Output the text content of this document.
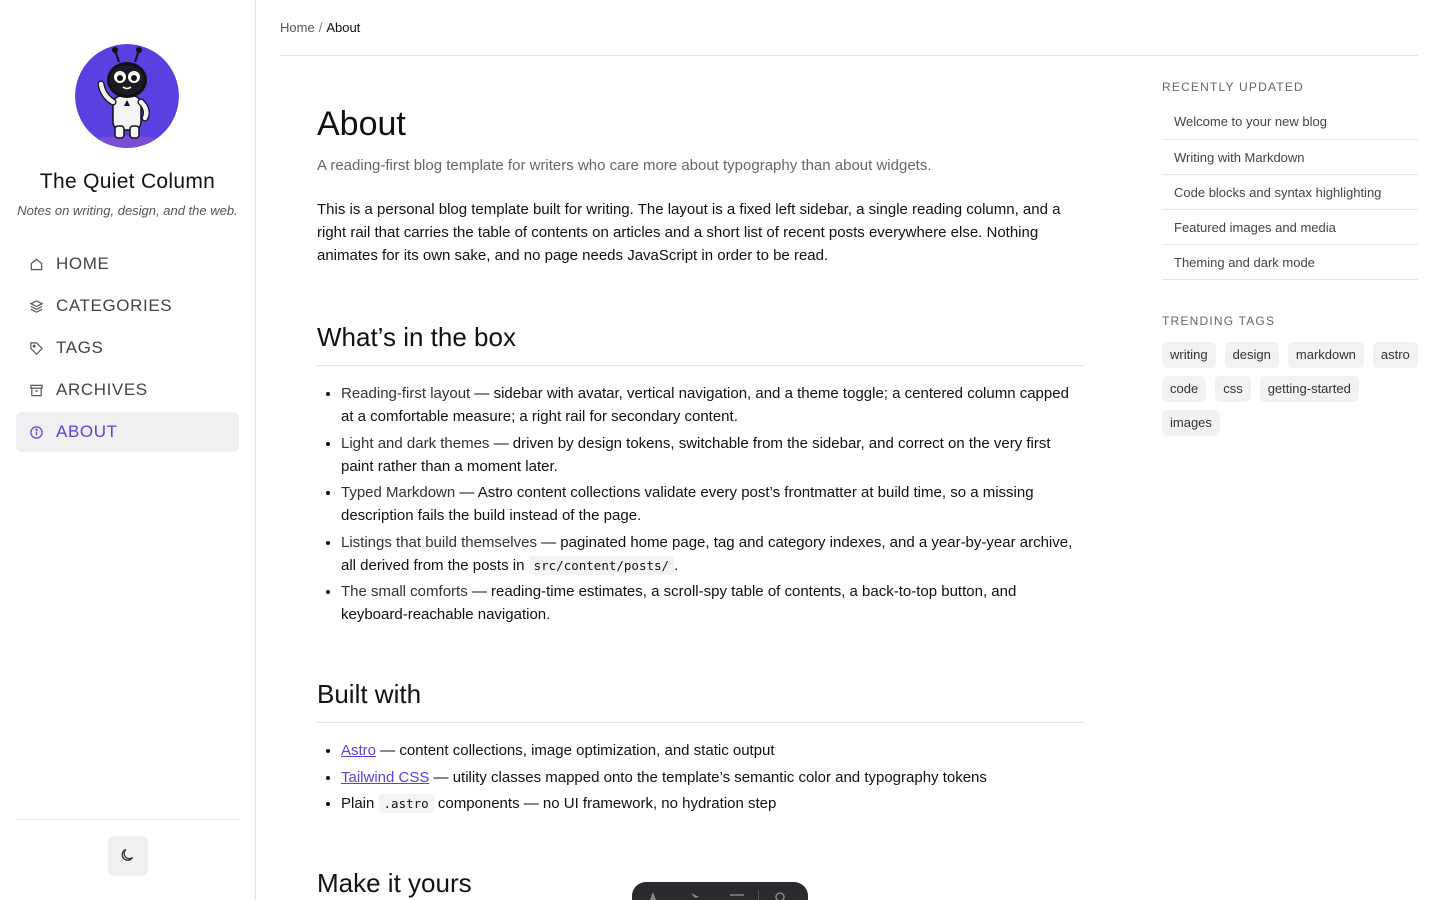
The Quiet Column
Notes on writing, design, and the web.
HOME
CATEGORIES
TAGS
ARCHIVES
ABOUT
Home / About
About

A reading-first blog template for writers who care more about typography than about widgets.

This is a personal blog template built for writing. The layout is a fixed left sidebar, a single reading column, and a right rail that carries the table of contents on articles and a short list of recent posts everywhere else. Nothing animates for its own sake, and no page needs JavaScript in order to be read.

What’s in the box
• Reading-first layout — sidebar with avatar, vertical navigation, and a theme toggle; a centered column capped at a comfortable measure; a right rail for secondary content.
• Light and dark themes — driven by design tokens, switchable from the sidebar, and correct on the very first paint rather than a moment later.
• Typed Markdown — Astro content collections validate every post’s frontmatter at build time, so a missing description fails the build instead of the page.
• Listings that build themselves — paginated home page, tag and category indexes, and a year-by-year archive, all derived from the posts in src/content/posts/ .
• The small comforts — reading-time estimates, a scroll-spy table of contents, a back-to-top button, and keyboard-reachable navigation.
Built with
• Astro — content collections, image optimization, and static output
• Tailwind CSS — utility classes mapped onto the template’s semantic color and typography tokens
• Plain .astro components — no UI framework, no hydration step
Make it yours
RECENTLY UPDATED
Welcome to your new blog
Writing with Markdown
Code blocks and syntax highlighting
Featured images and media
Theming and dark mode
TRENDING TAGS
writing	design	markdown	astro
code	css	getting-started
images
